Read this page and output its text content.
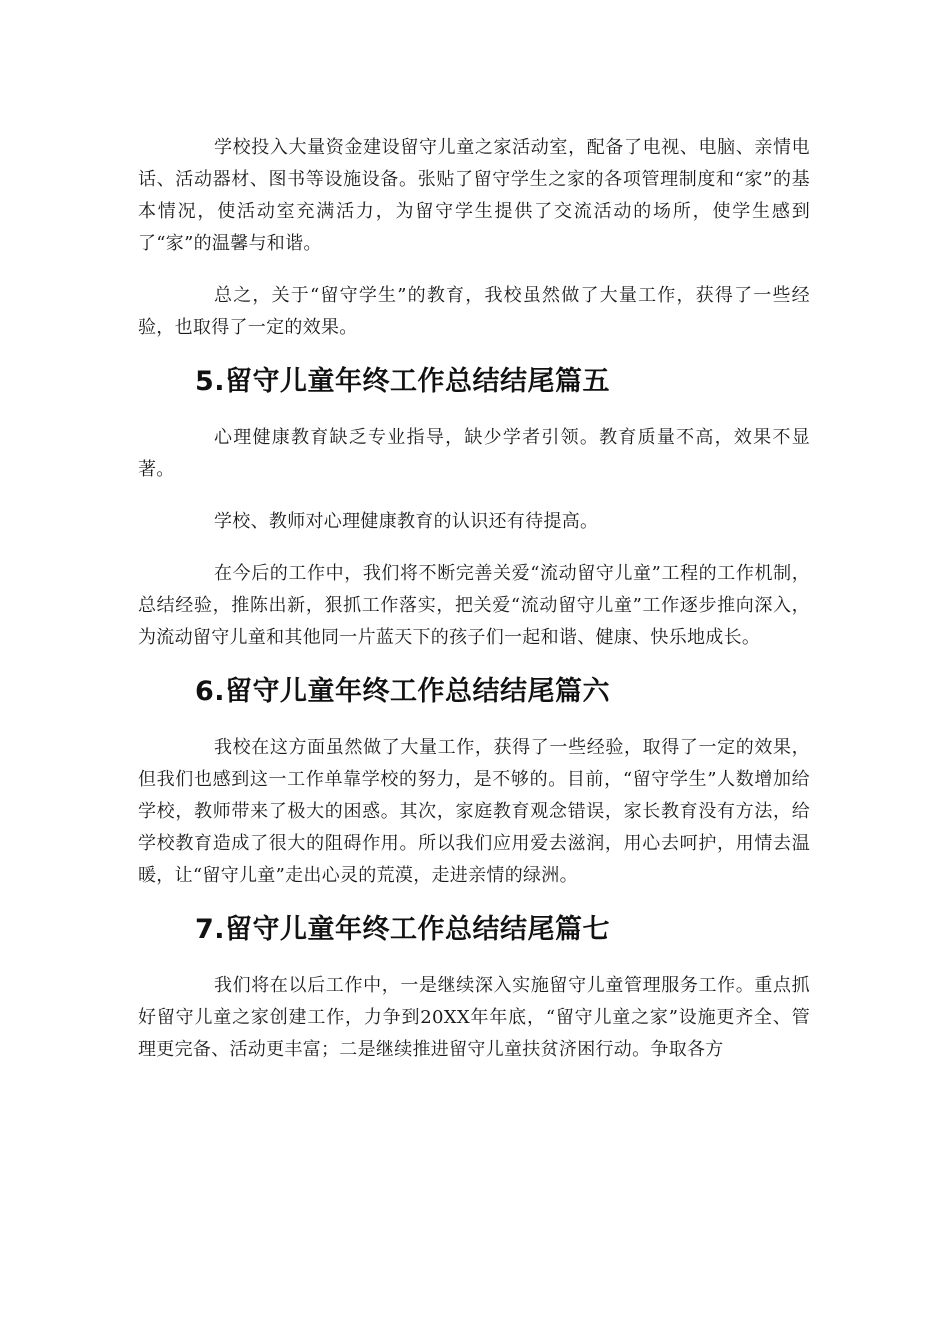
学校投入大量资金建设留守儿童之家活动室，配备了电视、电脑、亲情电话、活动器材、图书等设施设备。张贴了留守学生之家的各项管理制度和“家”的基本情况，使活动室充满活力，为留守学生提供了交流活动的场所，使学生感到了“家”的温馨与和谐。

总之，关于“留守学生”的教育，我校虽然做了大量工作，获得了一些经验，也取得了一定的效果。

5.留守儿童年终工作总结结尾篇五

心理健康教育缺乏专业指导，缺少学者引领。教育质量不高，效果不显著。

学校、教师对心理健康教育的认识还有待提高。

在今后的工作中，我们将不断完善关爱“流动留守儿童”工程的工作机制，总结经验，推陈出新，狠抓工作落实，把关爱“流动留守儿童”工作逐步推向深入，为流动留守儿童和其他同一片蓝天下的孩子们一起和谐、健康、快乐地成长。

6.留守儿童年终工作总结结尾篇六

我校在这方面虽然做了大量工作，获得了一些经验，取得了一定的效果，但我们也感到这一工作单靠学校的努力，是不够的。目前，“留守学生”人数增加给学校，教师带来了极大的困惑。其次，家庭教育观念错误，家长教育没有方法，给学校教育造成了很大的阻碍作用。所以我们应用爱去滋润，用心去呵护，用情去温暖，让“留守儿童”走出心灵的荒漠，走进亲情的绿洲。

7.留守儿童年终工作总结结尾篇七

我们将在以后工作中，一是继续深入实施留守儿童管理服务工作。重点抓好留守儿童之家创建工作，力争到20XX年年底，“留守儿童之家”设施更齐全、管理更完备、活动更丰富；二是继续推进留守儿童扶贫济困行动。争取各方
